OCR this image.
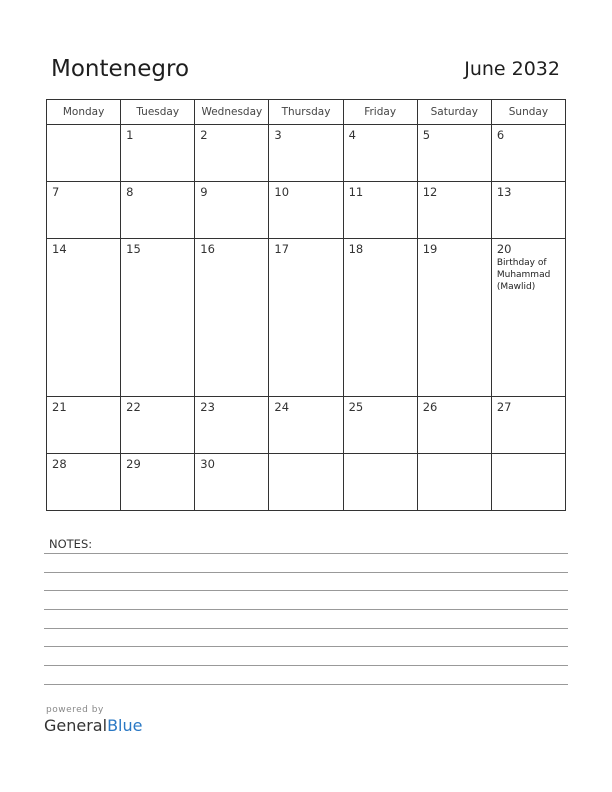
Montenegro	June 2032
Monday	Tuesday	Wednesday	Thursday	Friday	Saturday	Sunday

	1	2	3	4	5	6

7	8	9	10	11	12	13

14	15	16	17	18	19	20
Birthday of Muhammad (Mawlid)

21	22	23	24	25	26	27

28	29	30				

NOTES:
powered by
GeneralBlue
